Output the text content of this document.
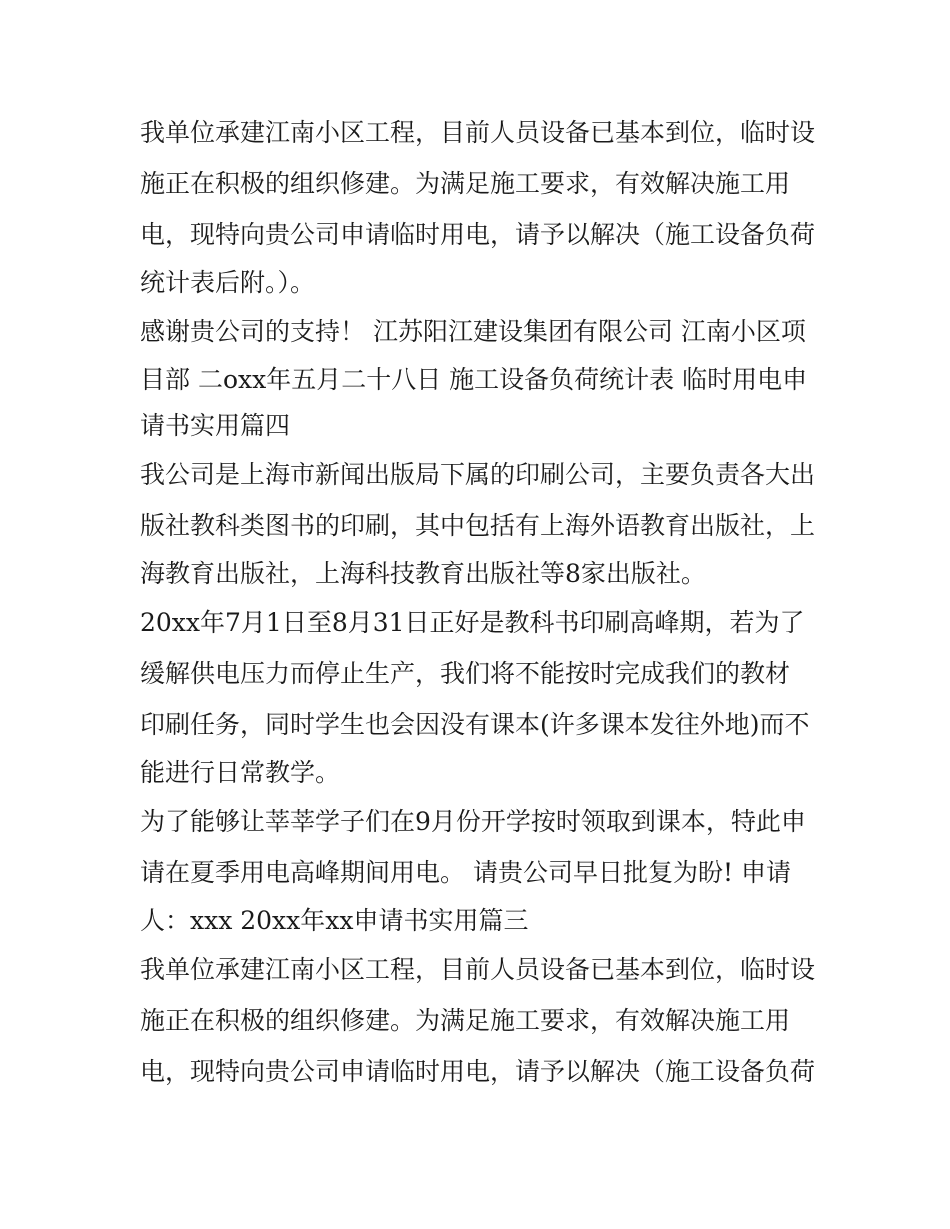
我单位承建江南小区工程，目前人员设备已基本到位，临时设
施正在积极的组织修建。为满足施工要求，有效解决施工用
电，现特向贵公司申请临时用电，请予以解决（施工设备负荷
统计表后附。）。
感谢贵公司的支持！ 江苏阳江建设集团有限公司 江南小区项
目部 二oxx年五月二十八日 施工设备负荷统计表 临时用电申
请书实用篇四
我公司是上海市新闻出版局下属的印刷公司，主要负责各大出
版社教科类图书的印刷，其中包括有上海外语教育出版社，上
海教育出版社，上海科技教育出版社等8家出版社。
20xx年7月1日至8月31日正好是教科书印刷高峰期，若为了
缓解供电压力而停止生产，我们将不能按时完成我们的教材
印刷任务，同时学生也会因没有课本(许多课本发往外地)而不
能进行日常教学。
为了能够让莘莘学子们在9月份开学按时领取到课本，特此申
请在夏季用电高峰期间用电。 请贵公司早日批复为盼! 申请
人：xxx 20xx年xx申请书实用篇三
我单位承建江南小区工程，目前人员设备已基本到位，临时设
施正在积极的组织修建。为满足施工要求，有效解决施工用
电，现特向贵公司申请临时用电，请予以解决（施工设备负荷
